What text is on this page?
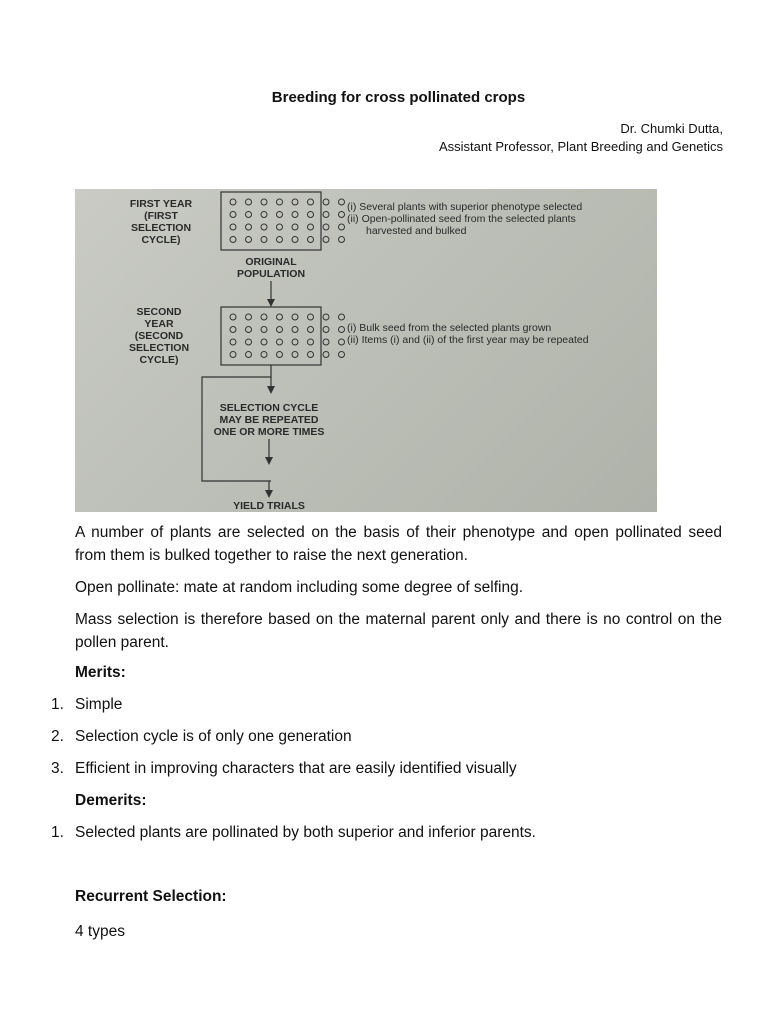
Breeding for cross pollinated crops
Dr. Chumki Dutta,
Assistant Professor, Plant Breeding and Genetics
FIRST YEAR
(FIRST
SELECTION
CYCLE)
ORIGINAL
POPULATION
(i) Several plants with superior phenotype selected
(ii) Open-pollinated seed from the selected plants
harvested and bulked
SECOND
YEAR
(SECOND
SELECTION
CYCLE)
(i) Bulk seed from the selected plants grown
(ii) Items (i) and (ii) of the first year may be repeated
SELECTION CYCLE
MAY BE REPEATED
ONE OR MORE TIMES
YIELD TRIALS
A number of plants are selected on the basis of their phenotype and open pollinated seed from them is bulked together to raise the next generation.
Open pollinate: mate at random including some degree of selfing.
Mass selection is therefore based on the maternal parent only and there is no control on the pollen parent.
Merits:
1. Simple
2. Selection cycle is of only one generation
3. Efficient in improving characters that are easily identified visually
Demerits:
1. Selected plants are pollinated by both superior and inferior parents.
Recurrent Selection:
4 types
